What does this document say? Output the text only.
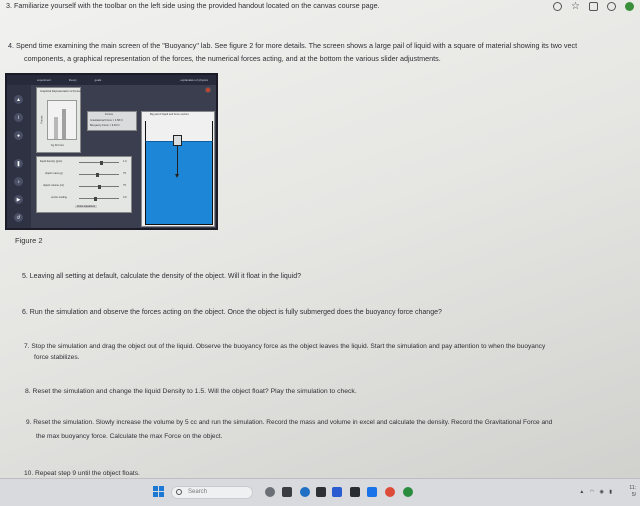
☆
3. Familiarize yourself with the toolbar on the left side using the provided handout located on the canvas course page.
4. Spend time examining the main screen of the "Buoyancy" lab. See figure 2 for more details. The screen shows a large pail of liquid with a square of material showing its two vect
components, a graphical representation of the forces, the numerical forces acting, and at the bottom the various slider adjustments.
experiment	theory	goals	explanation of physics
▲
i
●
❚
♪
▶
↺
Graphical Representation of Forces
Forces
Fg Fb Fnet
Forces
Gravitational Force = 4.58 N
Buoyancy Force = 9.33 N
liquid density (g/cc)	1.0
object mass (g)	75
object volume (cc)	75
vector scaling	3.0
show equations
Big pail of liquid and force vectors
Figure 2
5. Leaving all setting at default, calculate the density of the object. Will it float in the liquid?
6. Run the simulation and observe the forces acting on the object. Once the object is fully submerged does the buoyancy force change?
7. Stop the simulation and drag the object out of the liquid. Observe the buoyancy force as the object leaves the liquid. Start the simulation and pay attention to when the buoyancy
force stabilizes.
8. Reset the simulation and change the liquid Density to 1.5. Will the object float? Play the simulation to check.
9. Reset the simulation. Slowly increase the volume by 5 cc and run the simulation. Record the mass and volume in excel and calculate the density. Record the Gravitational Force and
the max buoyancy force. Calculate the max Force on the object.
10. Repeat step 9 until the object floats.
Search	▲ ◠ ◉ ▮
11:
5/
